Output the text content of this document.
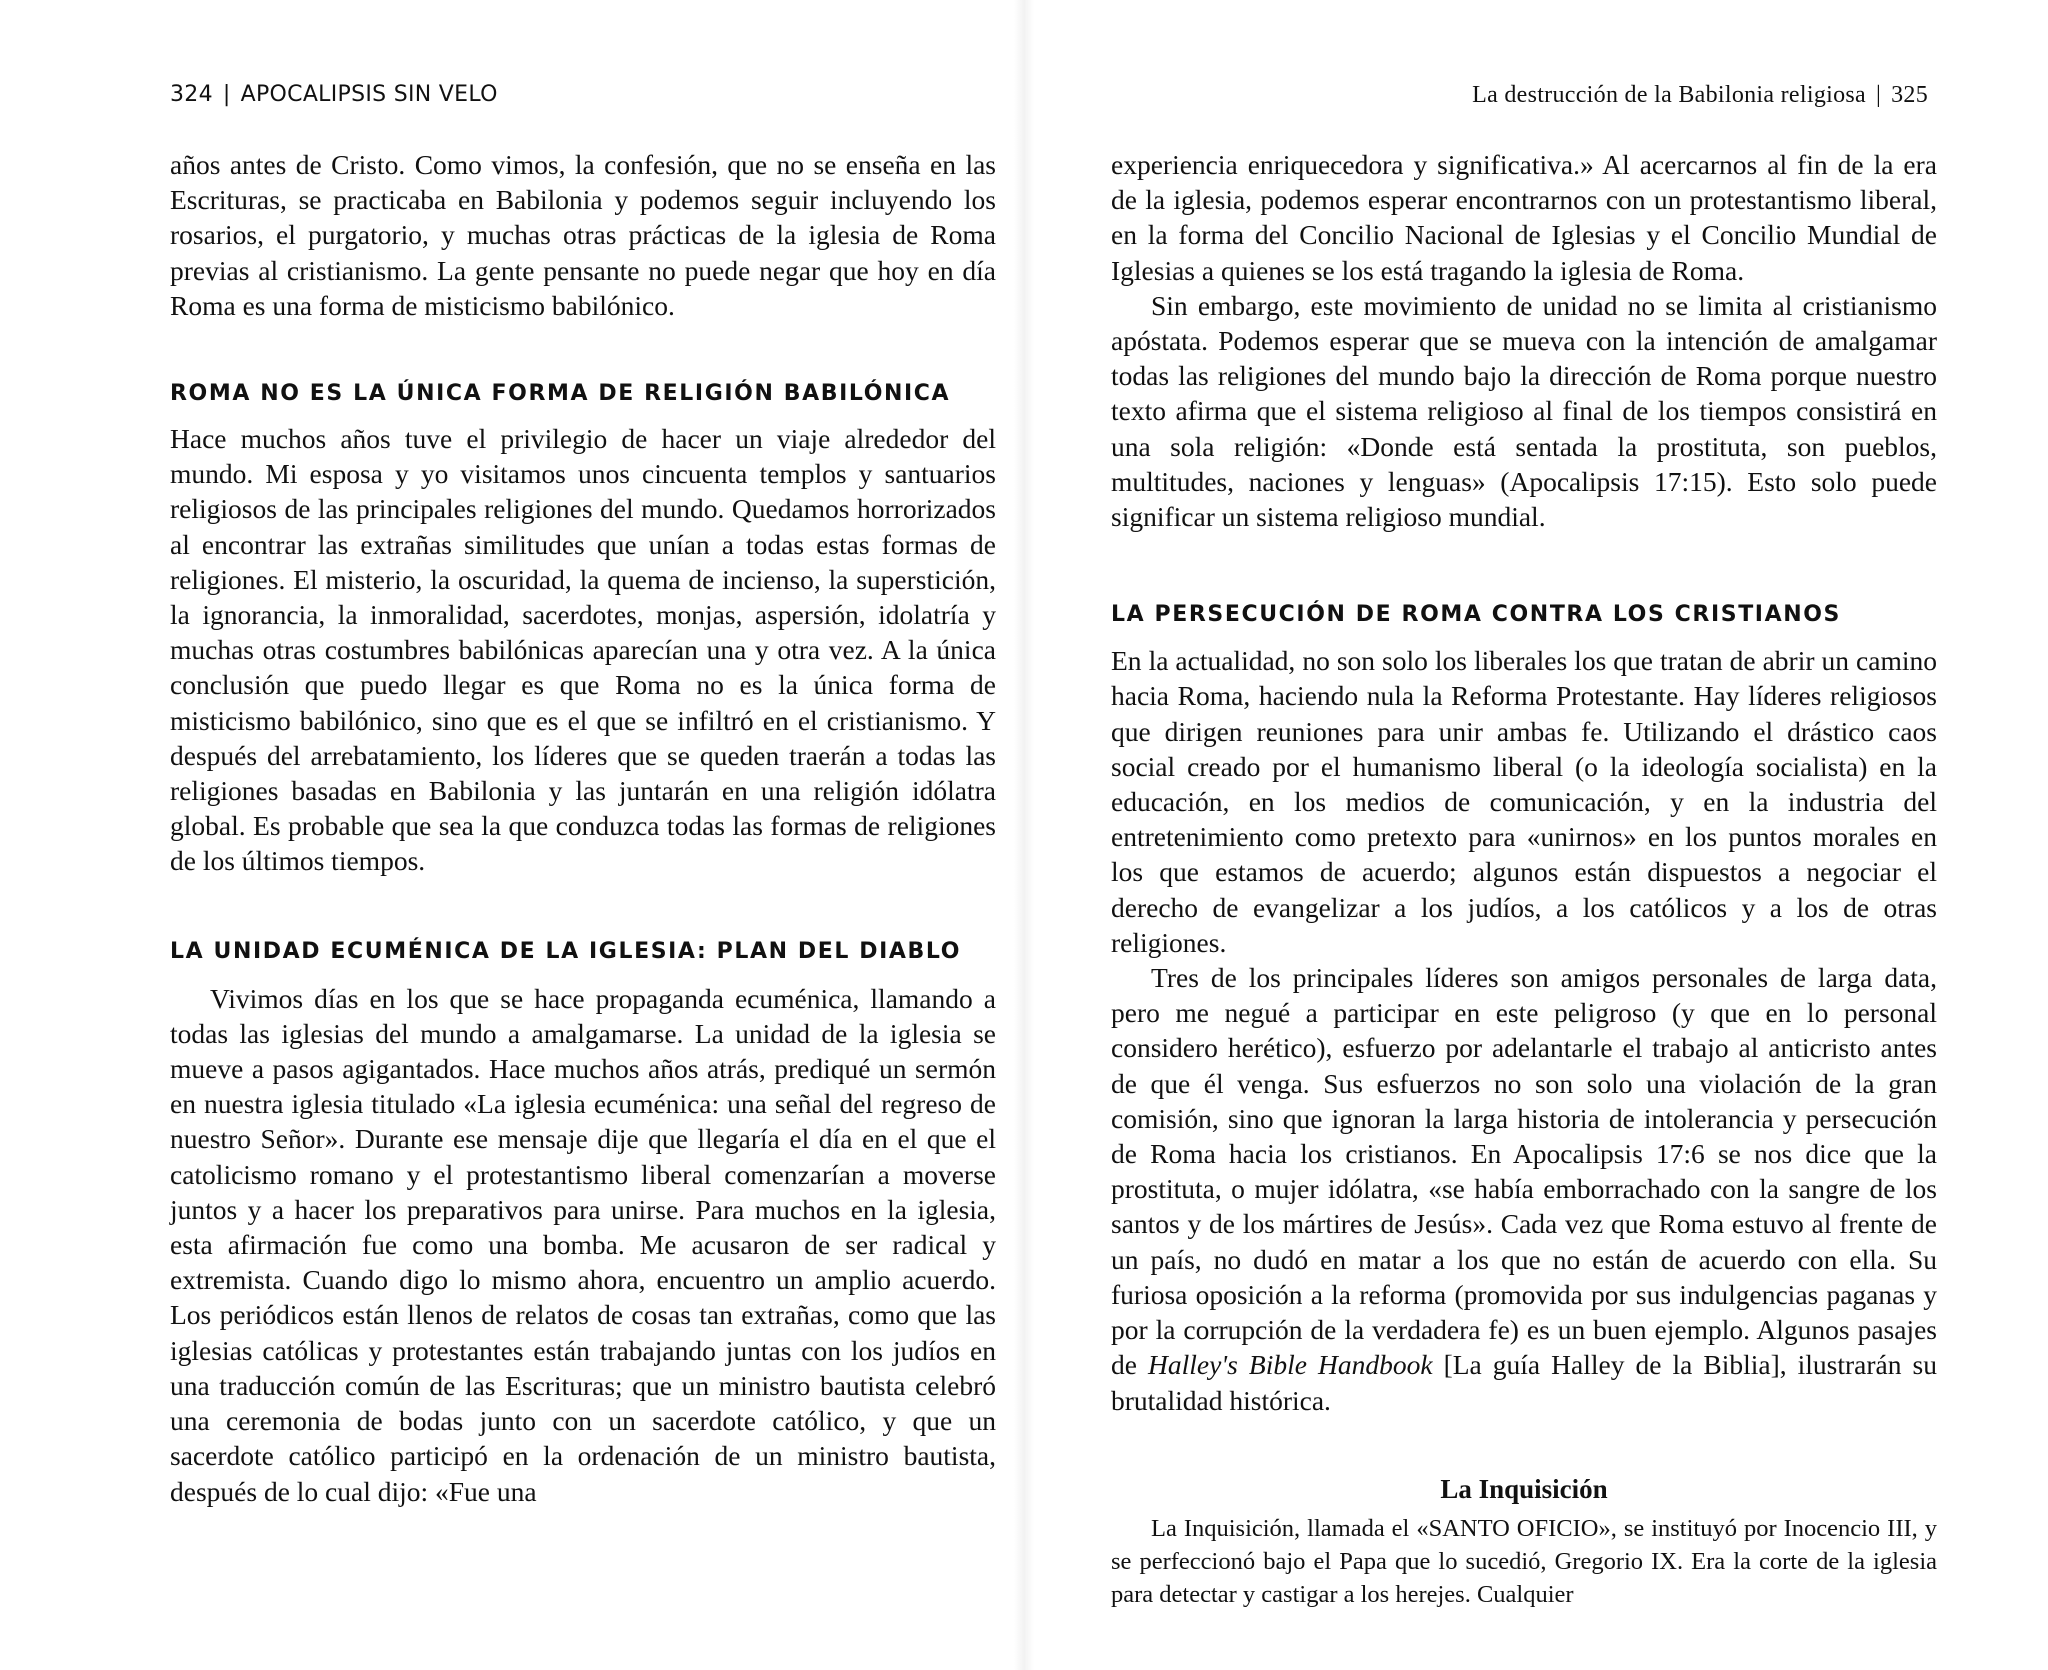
324 | APOCALIPSIS SIN VELO

años antes de Cristo. Como vimos, la confesión, que no se enseña en las Escrituras, se practicaba en Babilonia y podemos seguir incluyendo los rosarios, el purgatorio, y muchas otras prácticas de la iglesia de Roma previas al cristianismo. La gente pensante no puede negar que hoy en día Roma es una forma de misticismo babilónico.

ROMA NO ES LA ÚNICA FORMA DE RELIGIÓN BABILÓNICA

Hace muchos años tuve el privilegio de hacer un viaje alrededor del mundo. Mi esposa y yo visitamos unos cincuenta templos y santuarios religiosos de las principales religiones del mundo. Quedamos horrorizados al encontrar las extrañas similitudes que unían a todas estas formas de religiones. El misterio, la oscuridad, la quema de incienso, la superstición, la ignorancia, la inmoralidad, sacerdotes, monjas, aspersión, idolatría y muchas otras costumbres babilónicas aparecían una y otra vez. A la única conclusión que puedo llegar es que Roma no es la única forma de misticismo babilónico, sino que es el que se infiltró en el cristianismo. Y después del arrebatamiento, los líderes que se queden traerán a todas las religiones basadas en Babilonia y las juntarán en una religión idólatra global. Es probable que sea la que conduzca todas las formas de religiones de los últimos tiempos.

LA UNIDAD ECUMÉNICA DE LA IGLESIA: PLAN DEL DIABLO

Vivimos días en los que se hace propaganda ecuménica, llamando a todas las iglesias del mundo a amalgamarse. La unidad de la iglesia se mueve a pasos agigantados. Hace muchos años atrás, prediqué un sermón en nuestra iglesia titulado «La iglesia ecuménica: una señal del regreso de nuestro Señor». Durante ese mensaje dije que llegaría el día en el que el catolicismo romano y el protestantismo liberal comenzarían a moverse juntos y a hacer los preparativos para unirse. Para muchos en la iglesia, esta afirmación fue como una bomba. Me acusaron de ser radical y extremista. Cuando digo lo mismo ahora, encuentro un amplio acuerdo. Los periódicos están llenos de relatos de cosas tan extrañas, como que las iglesias católicas y protestantes están trabajando juntas con los judíos en una traducción común de las Escrituras; que un ministro bautista celebró una ceremonia de bodas junto con un sacerdote católico, y que un sacerdote católico participó en la ordenación de un ministro bautista, después de lo cual dijo: «Fue una

La destrucción de la Babilonia religiosa | 325

experiencia enriquecedora y significativa.» Al acercarnos al fin de la era de la iglesia, podemos esperar encontrarnos con un protestantismo liberal, en la forma del Concilio Nacional de Iglesias y el Concilio Mundial de Iglesias a quienes se los está tragando la iglesia de Roma.

Sin embargo, este movimiento de unidad no se limita al cristianismo apóstata. Podemos esperar que se mueva con la intención de amalgamar todas las religiones del mundo bajo la dirección de Roma porque nuestro texto afirma que el sistema religioso al final de los tiempos consistirá en una sola religión: «Donde está sentada la prostituta, son pueblos, multitudes, naciones y lenguas» (Apocalipsis 17:15). Esto solo puede significar un sistema religioso mundial.

LA PERSECUCIÓN DE ROMA CONTRA LOS CRISTIANOS

En la actualidad, no son solo los liberales los que tratan de abrir un camino hacia Roma, haciendo nula la Reforma Protestante. Hay líderes religiosos que dirigen reuniones para unir ambas fe. Utilizando el drástico caos social creado por el humanismo liberal (o la ideología socialista) en la educación, en los medios de comunicación, y en la industria del entretenimiento como pretexto para «unirnos» en los puntos morales en los que estamos de acuerdo; algunos están dispuestos a negociar el derecho de evangelizar a los judíos, a los católicos y a los de otras religiones.

Tres de los principales líderes son amigos personales de larga data, pero me negué a participar en este peligroso (y que en lo personal considero herético), esfuerzo por adelantarle el trabajo al anticristo antes de que él venga. Sus esfuerzos no son solo una violación de la gran comisión, sino que ignoran la larga historia de intolerancia y persecución de Roma hacia los cristianos. En Apocalipsis 17:6 se nos dice que la prostituta, o mujer idólatra, «se había emborrachado con la sangre de los santos y de los mártires de Jesús». Cada vez que Roma estuvo al frente de un país, no dudó en matar a los que no están de acuerdo con ella. Su furiosa oposición a la reforma (promovida por sus indulgencias paganas y por la corrupción de la verdadera fe) es un buen ejemplo. Algunos pasajes de Halley's Bible Handbook [La guía Halley de la Biblia], ilustrarán su brutalidad histórica.

La Inquisición

La Inquisición, llamada el «SANTO OFICIO», se instituyó por Inocencio III, y se perfeccionó bajo el Papa que lo sucedió, Gregorio IX. Era la corte de la iglesia para detectar y castigar a los herejes. Cualquier
